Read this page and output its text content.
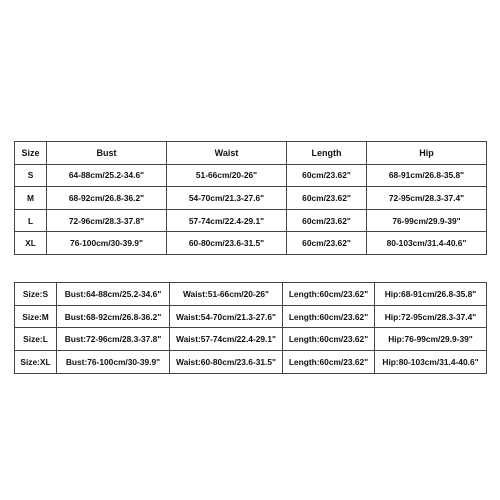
Size	Bust	Waist	Length	Hip
S	64-88cm/25.2-34.6"	51-66cm/20-26"	60cm/23.62"	68-91cm/26.8-35.8"
M	68-92cm/26.8-36.2"	54-70cm/21.3-27.6"	60cm/23.62"	72-95cm/28.3-37.4"
L	72-96cm/28.3-37.8"	57-74cm/22.4-29.1"	60cm/23.62"	76-99cm/29.9-39"
XL	76-100cm/30-39.9"	60-80cm/23.6-31.5"	60cm/23.62"	80-103cm/31.4-40.6"
Size:S	Bust:64-88cm/25.2-34.6"	Waist:51-66cm/20-26"	Length:60cm/23.62"	Hip:68-91cm/26.8-35.8"
Size:M	Bust:68-92cm/26.8-36.2"	Waist:54-70cm/21.3-27.6"	Length:60cm/23.62"	Hip:72-95cm/28.3-37.4"
Size:L	Bust:72-96cm/28.3-37.8"	Waist:57-74cm/22.4-29.1"	Length:60cm/23.62"	Hip:76-99cm/29.9-39"
Size:XL	Bust:76-100cm/30-39.9"	Waist:60-80cm/23.6-31.5"	Length:60cm/23.62"	Hip:80-103cm/31.4-40.6"
